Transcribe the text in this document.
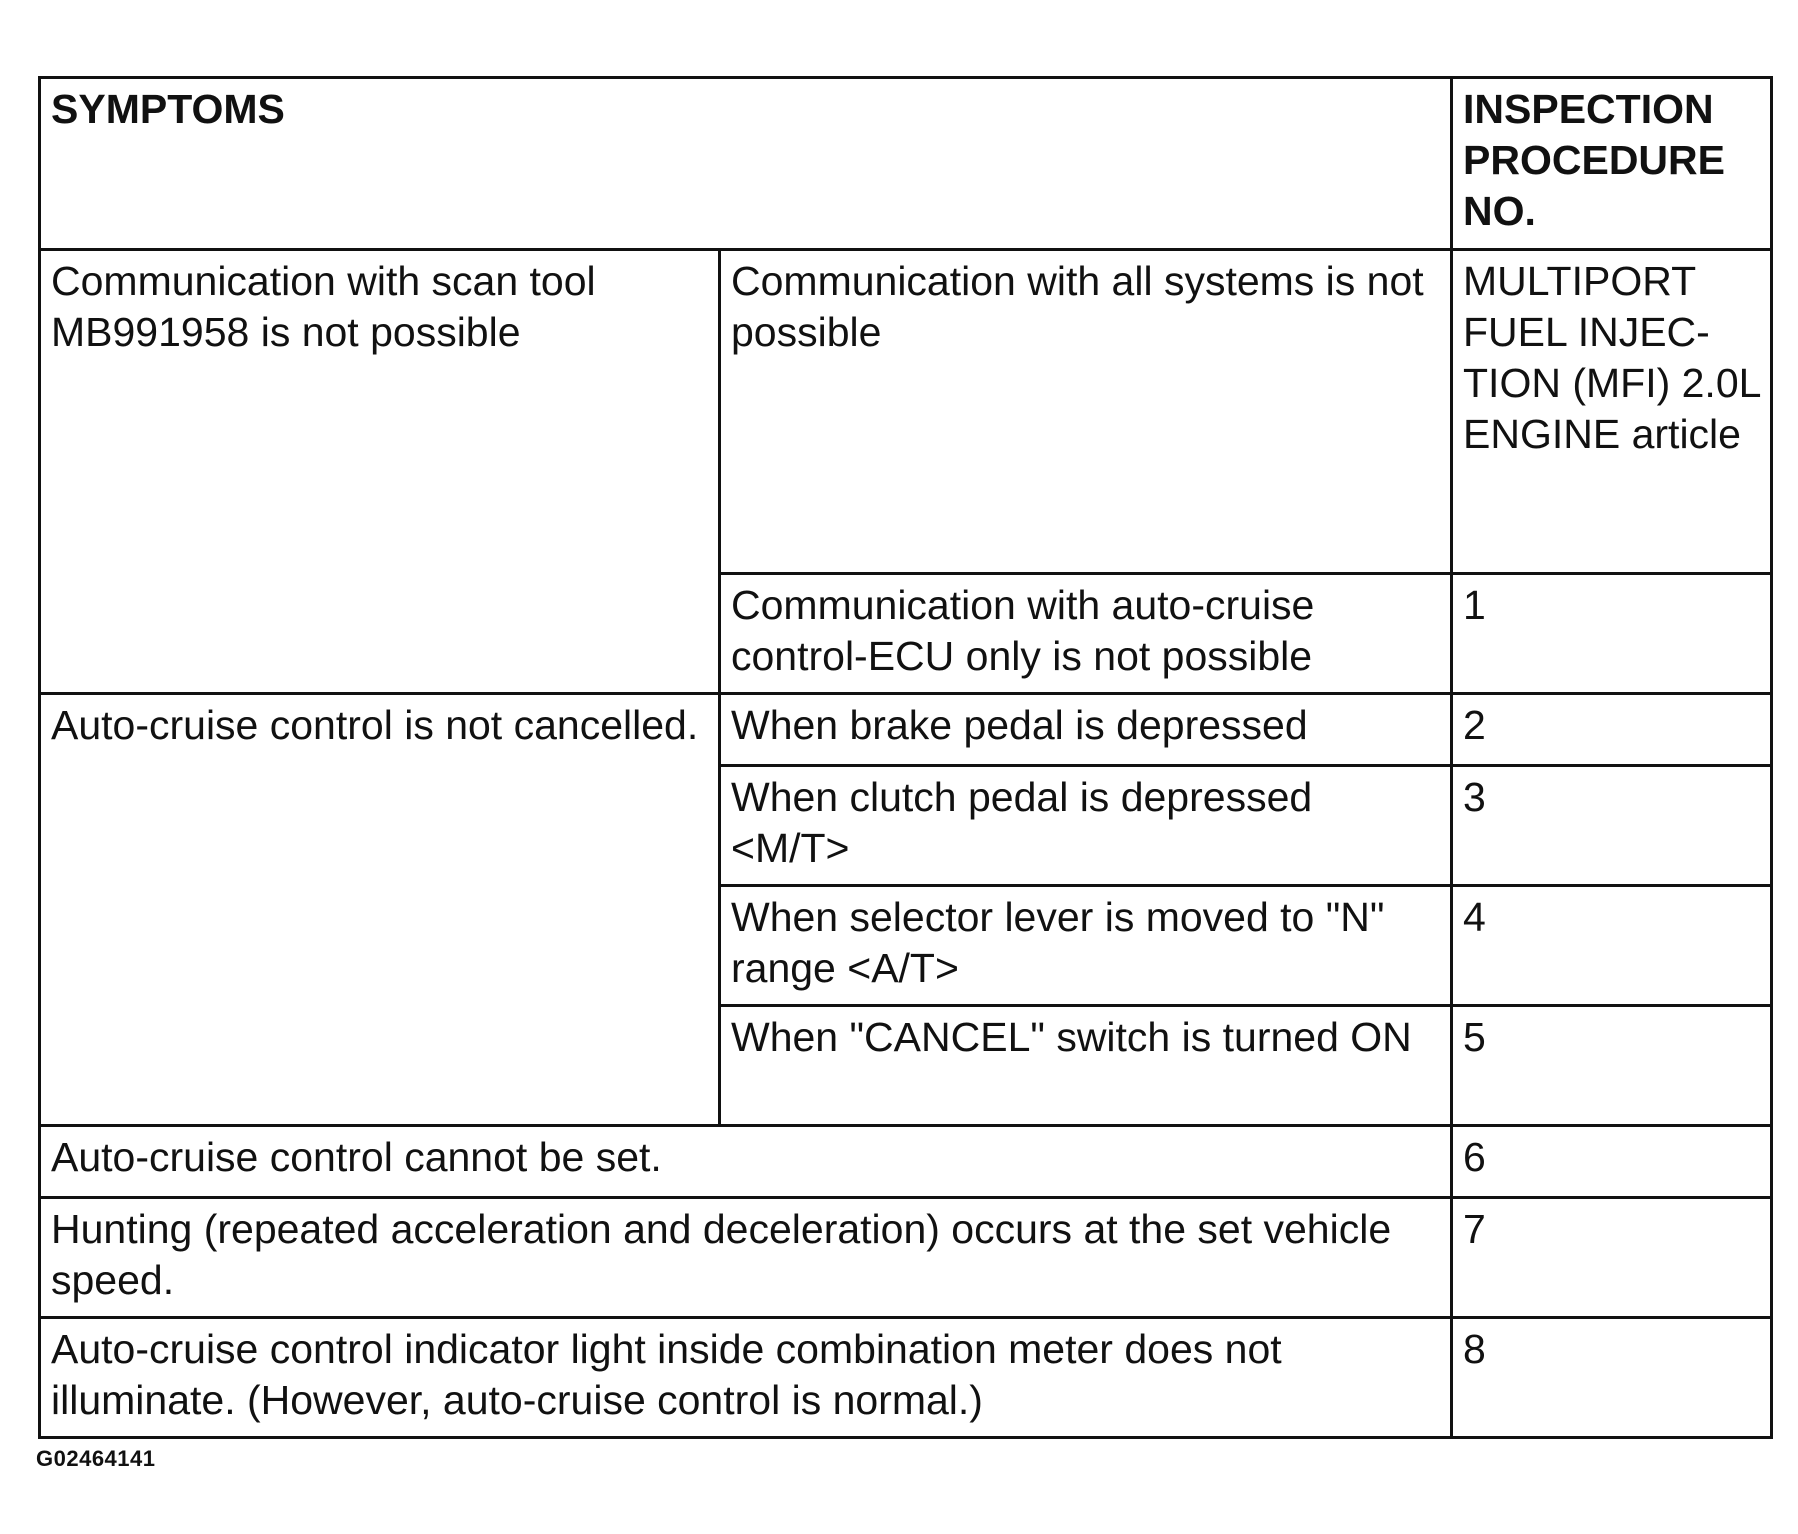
SYMPTOMS		INSPECTION
PROCEDURE
NO.

Communication with scan tool MB991958 is not possible	Communication with all systems is not possible	MULTIPORT
FUEL INJEC-
TION (MFI) 2.0L
ENGINE article

	Communication with auto-cruise control-ECU only is not possible	1
Auto-cruise control is not cancelled.	When brake pedal is depressed	2
	When clutch pedal is depressed <M/T>	3
	When selector lever is moved to "N" range <A/T>	4
	When "CANCEL" switch is turned ON	5
Auto-cruise control cannot be set.		6
Hunting (repeated acceleration and deceleration) occurs at the set vehicle speed.		7
Auto-cruise control indicator light inside combination meter does not illuminate. (However, auto-cruise control is normal.)		8
G02464141
